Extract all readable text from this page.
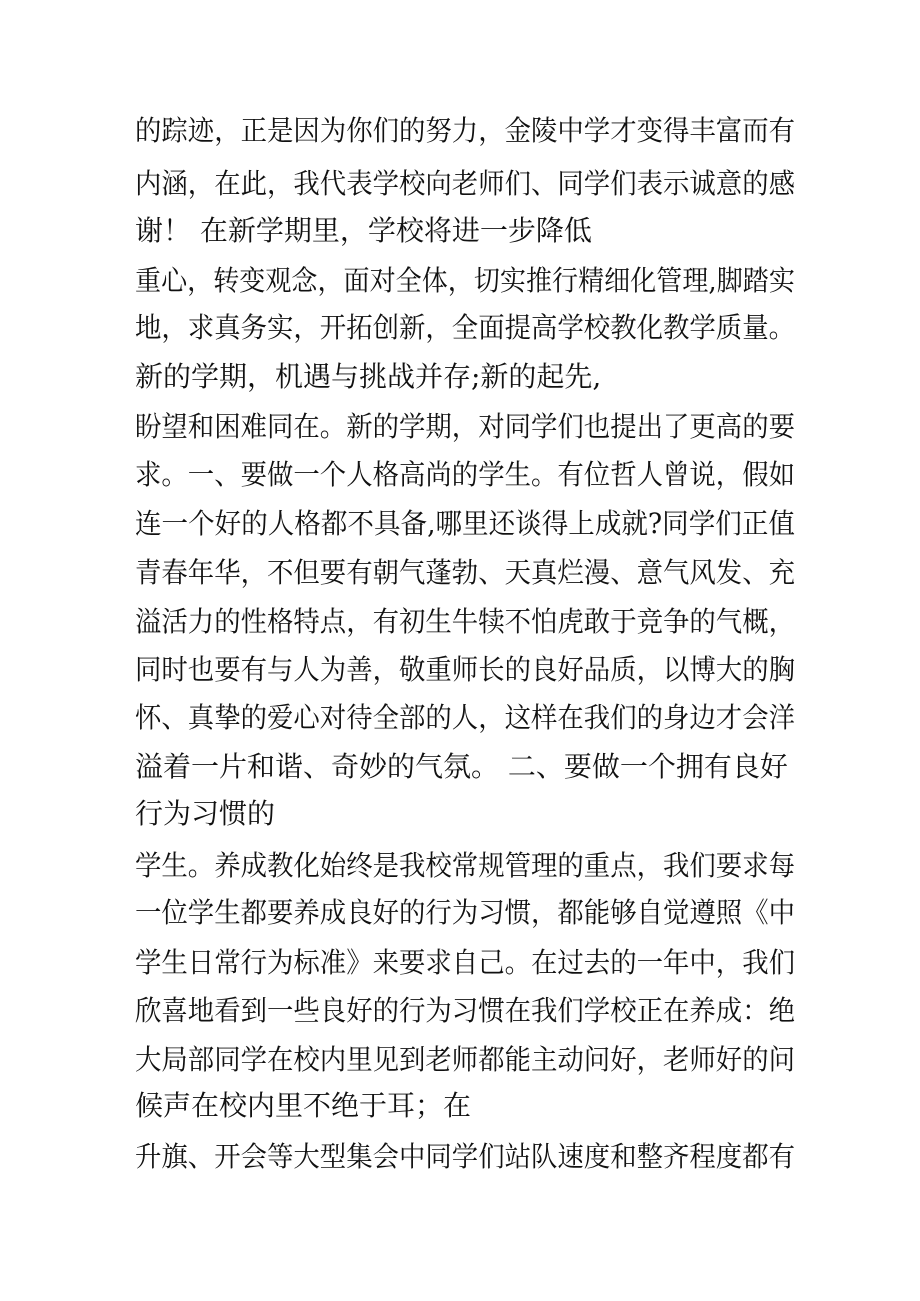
的踪迹，正是因为你们的努力，金陵中学才变得丰富而有
内涵，在此，我代表学校向老师们、同学们表示诚意的感
谢！ 在新学期里，学校将进一步降低
重心，转变观念，面对全体，切实推行精细化管理,脚踏实
地，求真务实，开拓创新，全面提高学校教化教学质量。
新的学期，机遇与挑战并存;新的起先,
盼望和困难同在。新的学期，对同学们也提出了更高的要
求。一、要做一个人格高尚的学生。有位哲人曾说，假如
连一个好的人格都不具备,哪里还谈得上成就?同学们正值
青春年华，不但要有朝气蓬勃、天真烂漫、意气风发、充
溢活力的性格特点，有初生牛犊不怕虎敢于竞争的气概，
同时也要有与人为善，敬重师长的良好品质，以博大的胸
怀、真挚的爱心对待全部的人，这样在我们的身边才会洋
溢着一片和谐、奇妙的气氛。 二、要做一个拥有良好
行为习惯的
学生。养成教化始终是我校常规管理的重点，我们要求每
一位学生都要养成良好的行为习惯，都能够自觉遵照《中
学生日常行为标准》来要求自己。在过去的一年中，我们
欣喜地看到一些良好的行为习惯在我们学校正在养成：绝
大局部同学在校内里见到老师都能主动问好，老师好的问
候声在校内里不绝于耳；在
升旗、开会等大型集会中同学们站队速度和整齐程度都有
